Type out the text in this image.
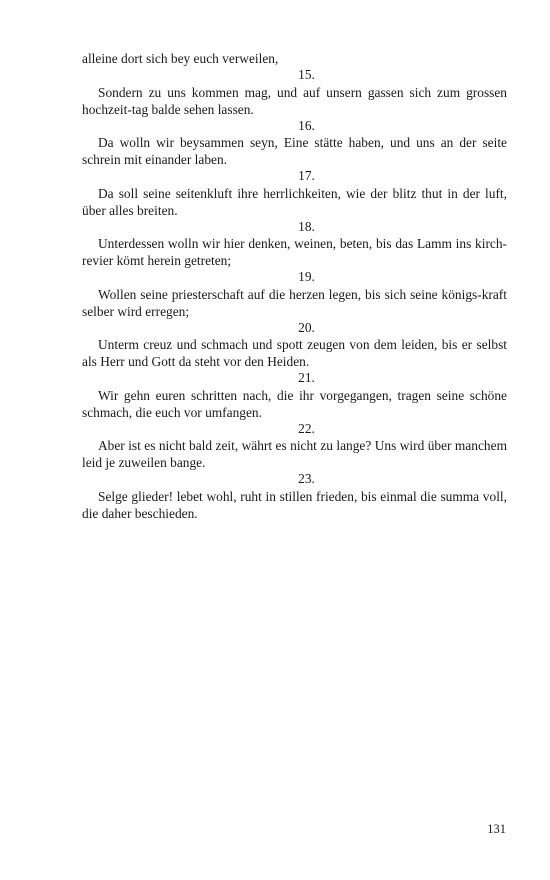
alleine dort sich bey euch verweilen,
15.
Sondern zu uns kommen mag, und auf unsern gassen sich zum grossen hochzeit-tag balde sehen lassen.
16.
Da wolln wir beysammen seyn, Eine stätte haben, und uns an der seite schrein mit einander laben.
17.
Da soll seine seitenkluft ihre herrlichkeiten, wie der blitz thut in der luft, über alles breiten.
18.
Unterdessen wolln wir hier denken, weinen, beten, bis das Lamm ins kirch-revier kömt herein getreten;
19.
Wollen seine priesterschaft auf die herzen legen, bis sich seine königs-kraft selber wird erregen;
20.
Unterm creuz und schmach und spott zeugen von dem leiden, bis er selbst als Herr und Gott da steht vor den Heiden.
21.
Wir gehn euren schritten nach, die ihr vorgegangen, tragen seine schöne schmach, die euch vor umfangen.
22.
Aber ist es nicht bald zeit, währt es nicht zu lange? Uns wird über manchem leid je zuweilen bange.
23.
Selge glieder! lebet wohl, ruht in stillen frieden, bis einmal die summa voll, die daher beschieden.
131
